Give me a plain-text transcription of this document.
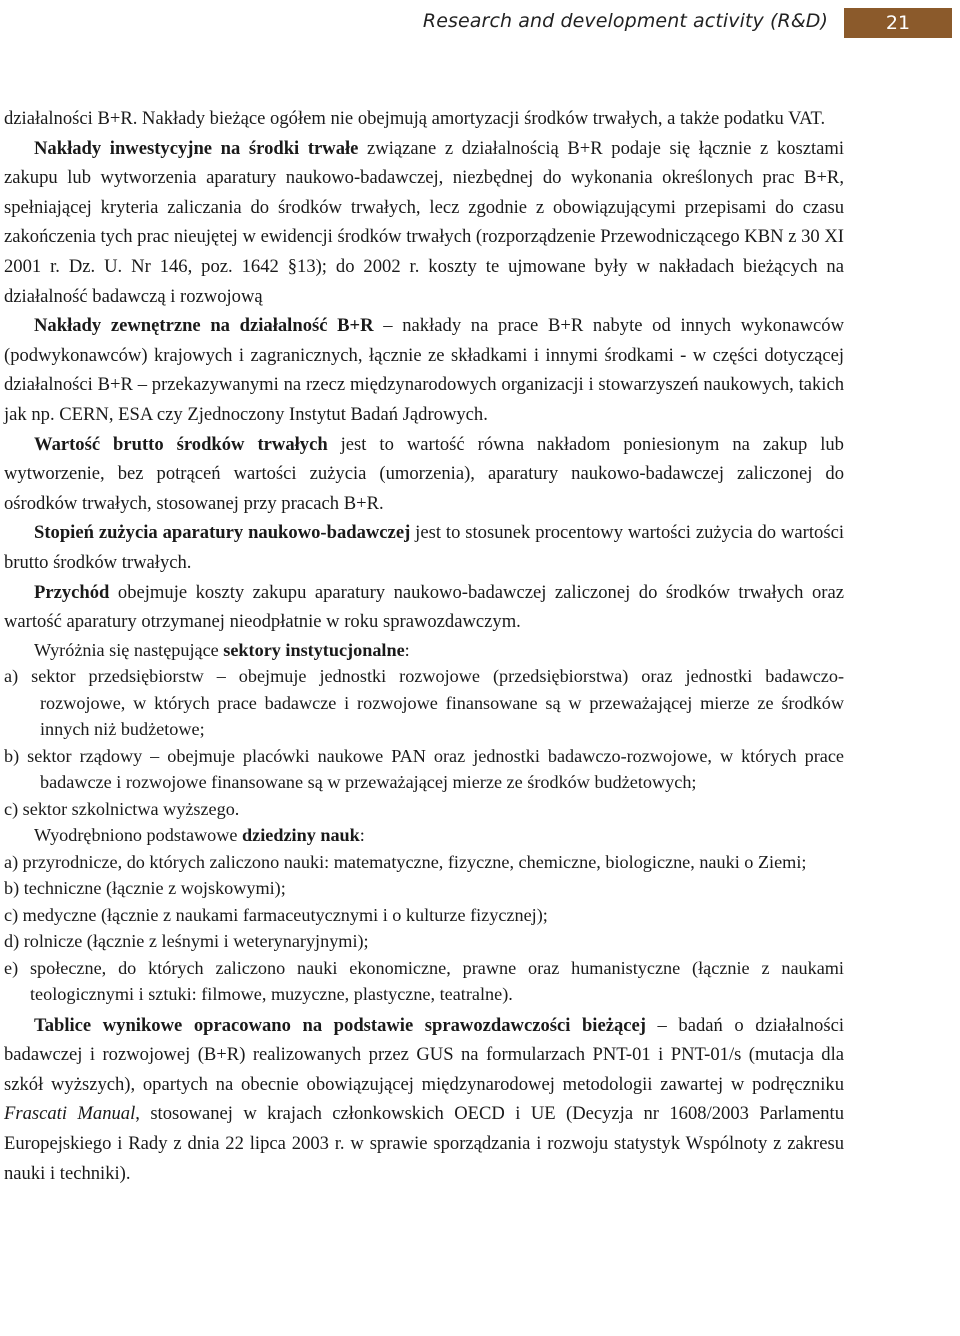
Research and development activity (R&D)	21

działalności B+R. Nakłady bieżące ogółem nie obejmują amortyzacji środków trwałych, a także podatku VAT.

Nakłady inwestycyjne na środki trwałe związane z działalnością B+R podaje się łącznie z kosztami zakupu lub wytworzenia aparatury naukowo-badawczej, niezbędnej do wykonania określonych prac B+R, spełniającej kryteria zaliczania do środków trwałych, lecz zgodnie z obowiązującymi przepisami do czasu zakończenia tych prac nieujętej w ewidencji środków trwałych (rozporządzenie Przewodniczącego KBN z 30 XI 2001 r. Dz. U. Nr 146, poz. 1642 §13); do 2002 r. koszty te ujmowane były w nakładach bieżących na działalność badawczą i rozwojową

Nakłady zewnętrzne na działalność B+R – nakłady na prace B+R nabyte od innych wykonawców (podwykonawców) krajowych i zagranicznych, łącznie ze składkami i innymi środkami - w części dotyczącej działalności B+R – przekazywanymi na rzecz międzynarodowych organizacji i stowarzyszeń naukowych, takich jak np. CERN, ESA czy Zjednoczony Instytut Badań Jądrowych.

Wartość brutto środków trwałych jest to wartość równa nakładom poniesionym na zakup lub wytworzenie, bez potrąceń wartości zużycia (umorzenia), aparatury naukowo-badawczej zaliczonej do ośrodków trwałych, stosowanej przy pracach B+R.

Stopień zużycia aparatury naukowo-badawczej jest to stosunek procentowy wartości zużycia do wartości brutto środków trwałych.

Przychód obejmuje koszty zakupu aparatury naukowo-badawczej zaliczonej do środków trwałych oraz wartość aparatury otrzymanej nieodpłatnie w roku sprawozdawczym.

Wyróżnia się następujące sektory instytucjonalne:

a) sektor przedsiębiorstw – obejmuje jednostki rozwojowe (przedsiębiorstwa) oraz jednostki badawczo-rozwojowe, w których prace badawcze i rozwojowe finansowane są w przeważającej mierze ze środków innych niż budżetowe;

b) sektor rządowy – obejmuje placówki naukowe PAN oraz jednostki badawczo-rozwojowe, w których prace badawcze i rozwojowe finansowane są w przeważającej mierze ze środków budżetowych;

c) sektor szkolnictwa wyższego.

Wyodrębniono podstawowe dziedziny nauk:

a) przyrodnicze, do których zaliczono nauki: matematyczne, fizyczne, chemiczne, biologiczne, nauki o Ziemi;

b) techniczne (łącznie z wojskowymi);

c) medyczne (łącznie z naukami farmaceutycznymi i o kulturze fizycznej);

d) rolnicze (łącznie z leśnymi i weterynaryjnymi);

e) społeczne, do których zaliczono nauki ekonomiczne, prawne oraz humanistyczne (łącznie z naukami teologicznymi i sztuki: filmowe, muzyczne, plastyczne, teatralne).

Tablice wynikowe opracowano na podstawie sprawozdawczości bieżącej – badań o działalności badawczej i rozwojowej (B+R) realizowanych przez GUS na formularzach PNT-01 i PNT-01/s (mutacja dla szkół wyższych), opartych na obecnie obowiązującej międzynarodowej metodologii zawartej w podręczniku Frascati Manual, stosowanej w krajach członkowskich OECD i UE (Decyzja nr 1608/2003 Parlamentu Europejskiego i Rady z dnia 22 lipca 2003 r. w sprawie sporządzania i rozwoju statystyk Wspólnoty z zakresu nauki i techniki).
